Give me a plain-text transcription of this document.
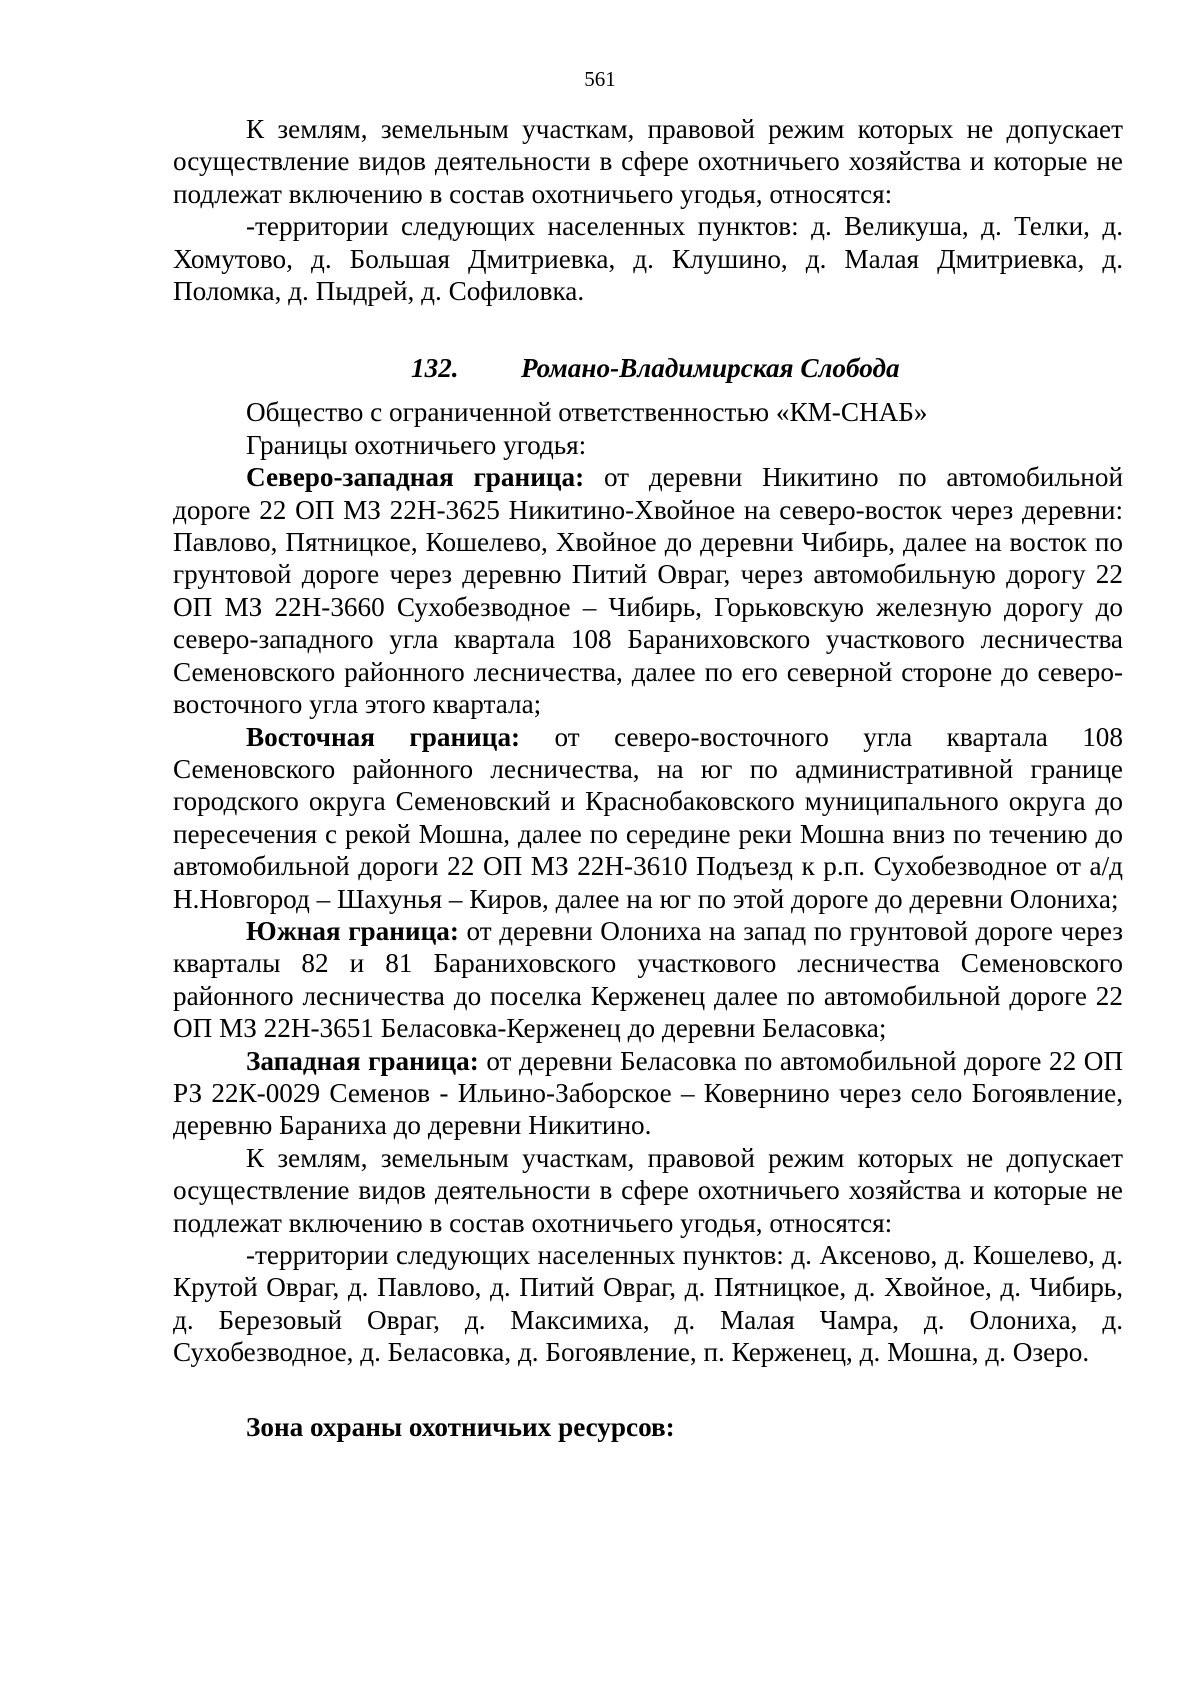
561

К землям, земельным участкам, правовой режим которых не допускает осуществление видов деятельности в сфере охотничьего хозяйства и которые не подлежат включению в состав охотничьего угодья, относятся:

-территории следующих населенных пунктов: д. Великуша, д. Телки, д. Хомутово, д. Большая Дмитриевка, д. Клушино, д. Малая Дмитриевка, д. Поломка, д. Пыдрей, д. Софиловка.

132. Романо-Владимирская Слобода

Общество с ограниченной ответственностью «КМ-СНАБ»

Границы охотничьего угодья:

Северо-западная граница: от деревни Никитино по автомобильной дороге 22 ОП МЗ 22Н-3625 Никитино-Хвойное на северо-восток через деревни: Павлово, Пятницкое, Кошелево, Хвойное до деревни Чибирь, далее на восток по грунтовой дороге через деревню Питий Овраг, через автомобильную дорогу 22 ОП МЗ 22Н-3660 Сухобезводное – Чибирь, Горьковскую железную дорогу до северо-западного угла квартала 108 Бараниховского участкового лесничества Семеновского районного лесничества, далее по его северной стороне до северо-восточного угла этого квартала;

Восточная граница: от северо-восточного угла квартала 108 Семеновского районного лесничества, на юг по административной границе городского округа Семеновский и Краснобаковского муниципального округа до пересечения с рекой Мошна, далее по середине реки Мошна вниз по течению до автомобильной дороги 22 ОП МЗ 22Н-3610 Подъезд к р.п. Сухобезводное от а/д Н.Новгород – Шахунья – Киров, далее на юг по этой дороге до деревни Олониха;

Южная граница: от деревни Олониха на запад по грунтовой дороге через кварталы 82 и 81 Бараниховского участкового лесничества Семеновского районного лесничества до поселка Керженец далее по автомобильной дороге 22 ОП МЗ 22Н-3651 Беласовка-Керженец до деревни Беласовка;

Западная граница: от деревни Беласовка по автомобильной дороге 22 ОП РЗ 22К-0029 Семенов - Ильино-Заборское – Ковернино через село Богоявление, деревню Бараниха до деревни Никитино.

К землям, земельным участкам, правовой режим которых не допускает осуществление видов деятельности в сфере охотничьего хозяйства и которые не подлежат включению в состав охотничьего угодья, относятся:

-территории следующих населенных пунктов: д. Аксеново, д. Кошелево, д. Крутой Овраг, д. Павлово, д. Питий Овраг, д. Пятницкое, д. Хвойное, д. Чибирь, д. Березовый Овраг, д. Максимиха, д. Малая Чамра, д. Олониха, д. Сухобезводное, д. Беласовка, д. Богоявление, п. Керженец, д. Мошна, д. Озеро.

Зона охраны охотничьих ресурсов:
